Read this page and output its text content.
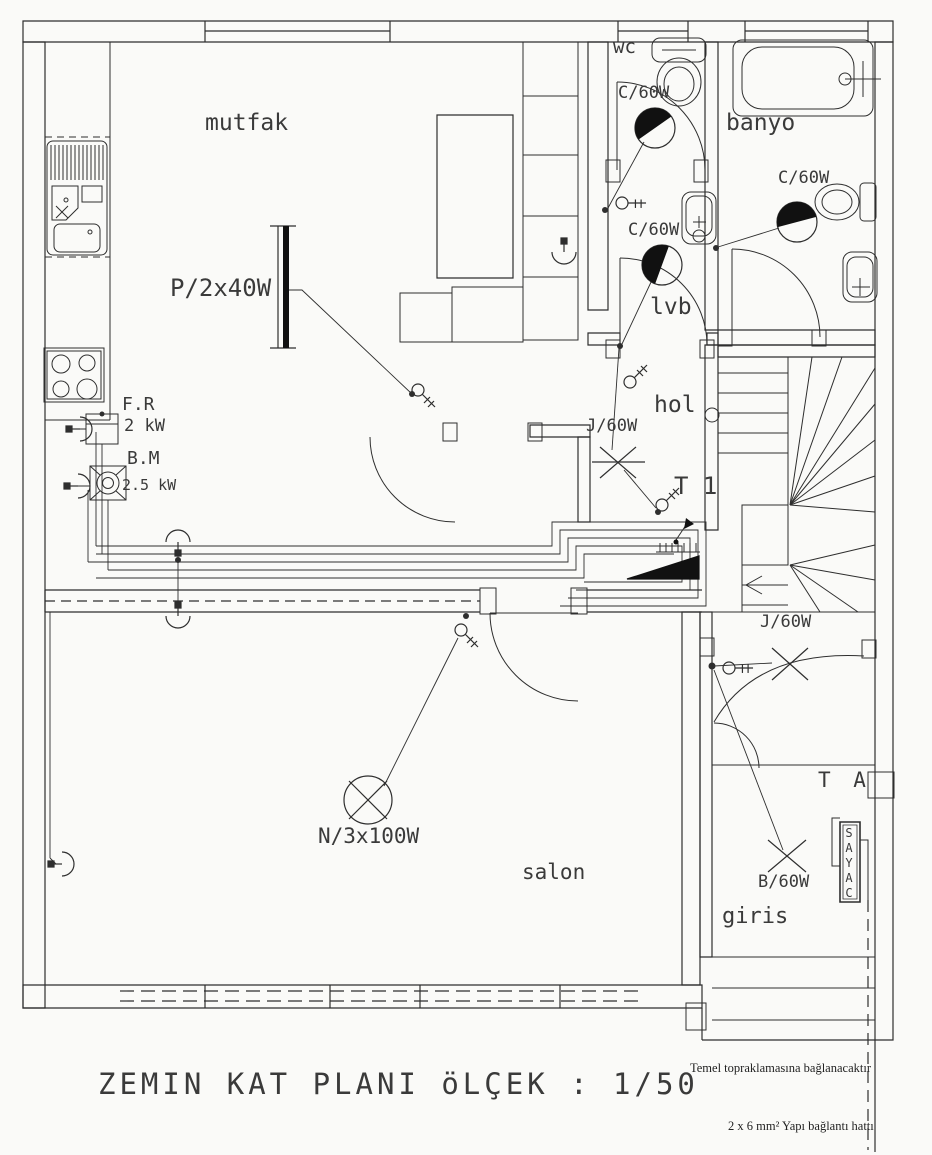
mutfak
P/2x40W
wc
C/60W
banyo
C/60W
C/60W
lvb
hol
J/60W
T 1
F.R
2 kW
B.M
2.5 kW
N/3x100W
salon
J/60W
B/60W
T A
SAYAC
giris
ZEMIN KAT PLANI öLÇEK : 1/50
Temel topraklamasına bağlanacaktır
2 x 6 mm² Yapı bağlantı hattı
